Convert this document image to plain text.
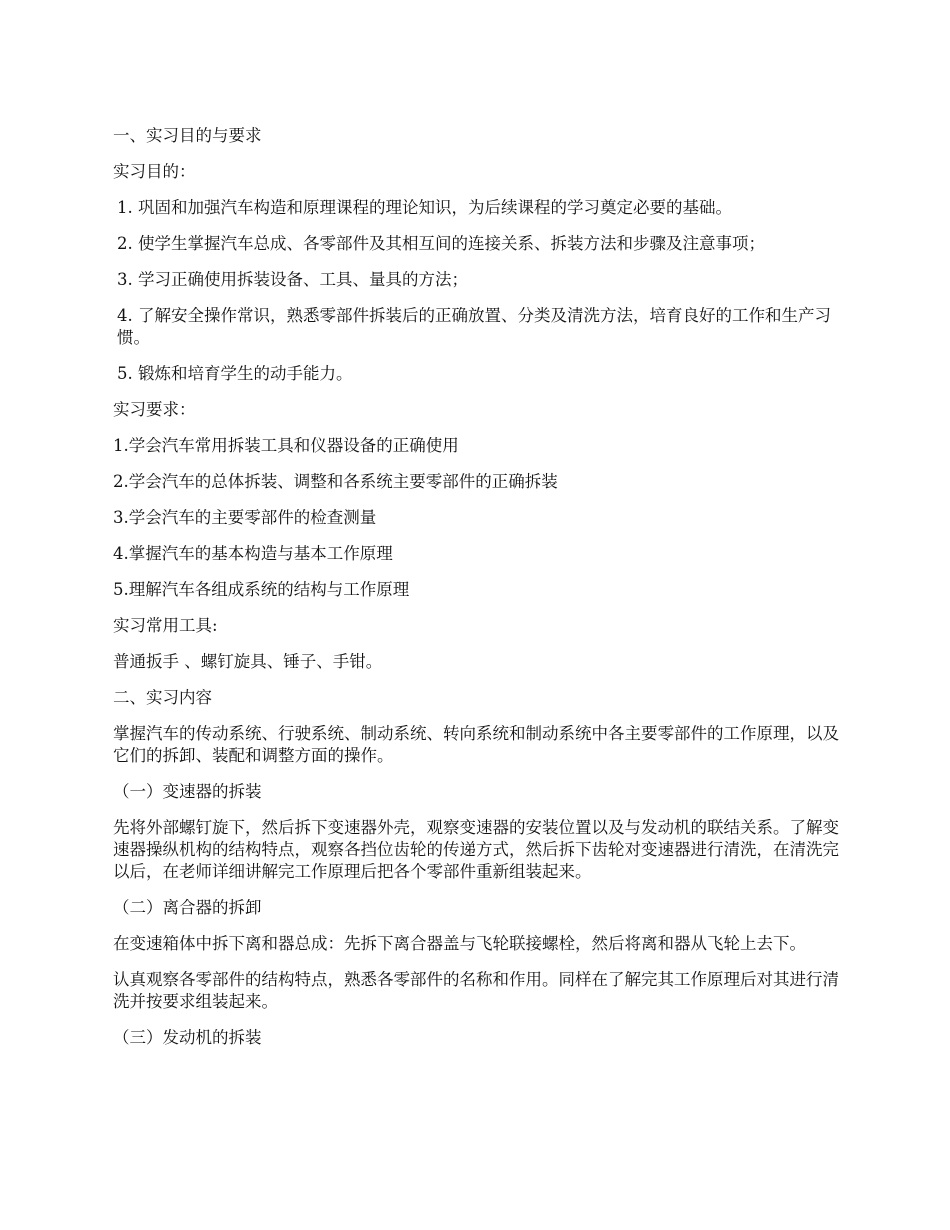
一、实习目的与要求

实习目的：

1. 巩固和加强汽车构造和原理课程的理论知识，为后续课程的学习奠定必要的基础。

2. 使学生掌握汽车总成、各零部件及其相互间的连接关系、拆装方法和步骤及注意事项；

3. 学习正确使用拆装设备、工具、量具的方法；

4. 了解安全操作常识，熟悉零部件拆装后的正确放置、分类及清洗方法，培育良好的工作和生产习惯。

5. 锻炼和培育学生的动手能力。

实习要求：

1.学会汽车常用拆装工具和仪器设备的正确使用

2.学会汽车的总体拆装、调整和各系统主要零部件的正确拆装

3.学会汽车的主要零部件的检查测量

4.掌握汽车的基本构造与基本工作原理

5.理解汽车各组成系统的结构与工作原理

实习常用工具:

普通扳手 、螺钉旋具、锤子、手钳。

二、实习内容

掌握汽车的传动系统、行驶系统、制动系统、转向系统和制动系统中各主要零部件的工作原理，以及它们的拆卸、装配和调整方面的操作。

（一）变速器的拆装

先将外部螺钉旋下，然后拆下变速器外壳，观察变速器的安装位置以及与发动机的联结关系。了解变速器操纵机构的结构特点，观察各挡位齿轮的传递方式，然后拆下齿轮对变速器进行清洗，在清洗完以后，在老师详细讲解完工作原理后把各个零部件重新组装起来。

（二）离合器的拆卸

在变速箱体中拆下离和器总成：先拆下离合器盖与飞轮联接螺栓，然后将离和器从飞轮上去下。

认真观察各零部件的结构特点，熟悉各零部件的名称和作用。同样在了解完其工作原理后对其进行清洗并按要求组装起来。

（三）发动机的拆装
